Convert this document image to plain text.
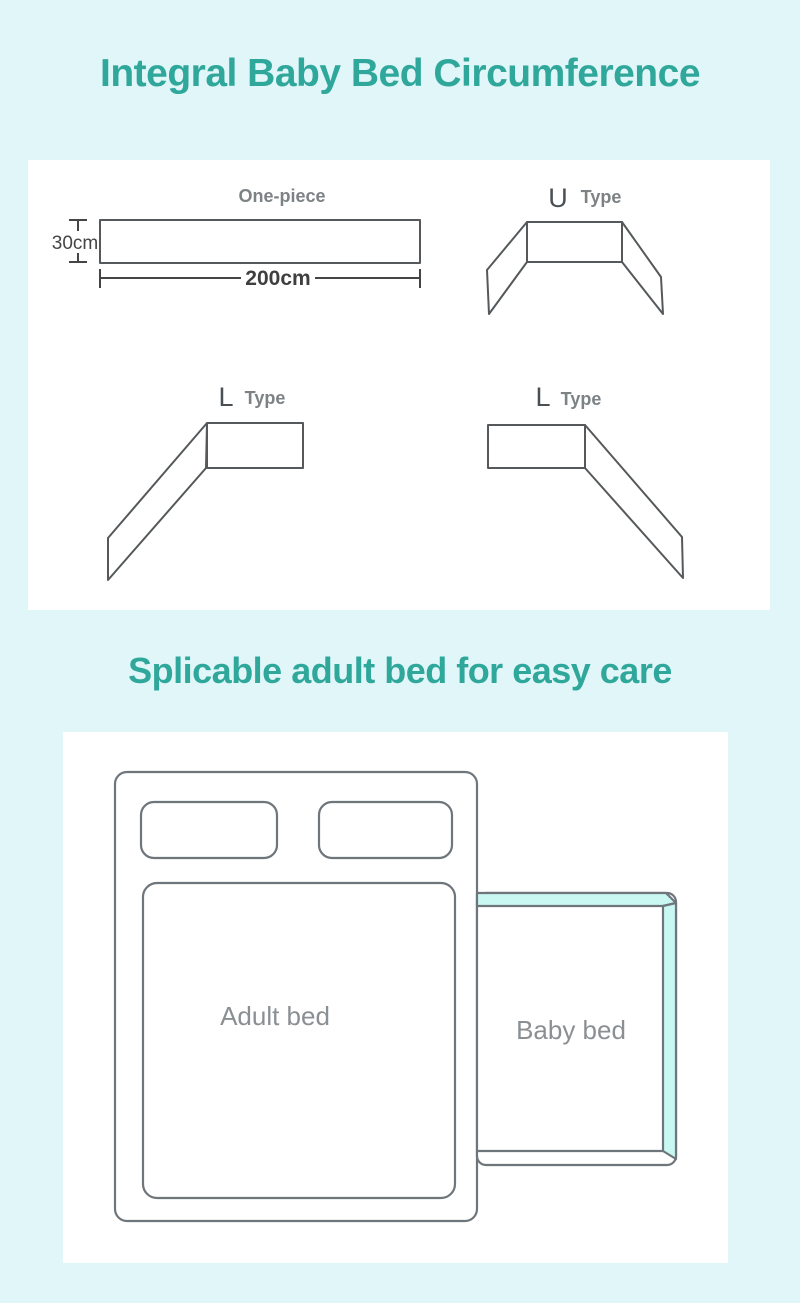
Integral Baby Bed Circumference
One-piece
30cm
200cm
U Type
L Type	L Type
Splicable adult bed for easy care
Adult bed	Baby bed
